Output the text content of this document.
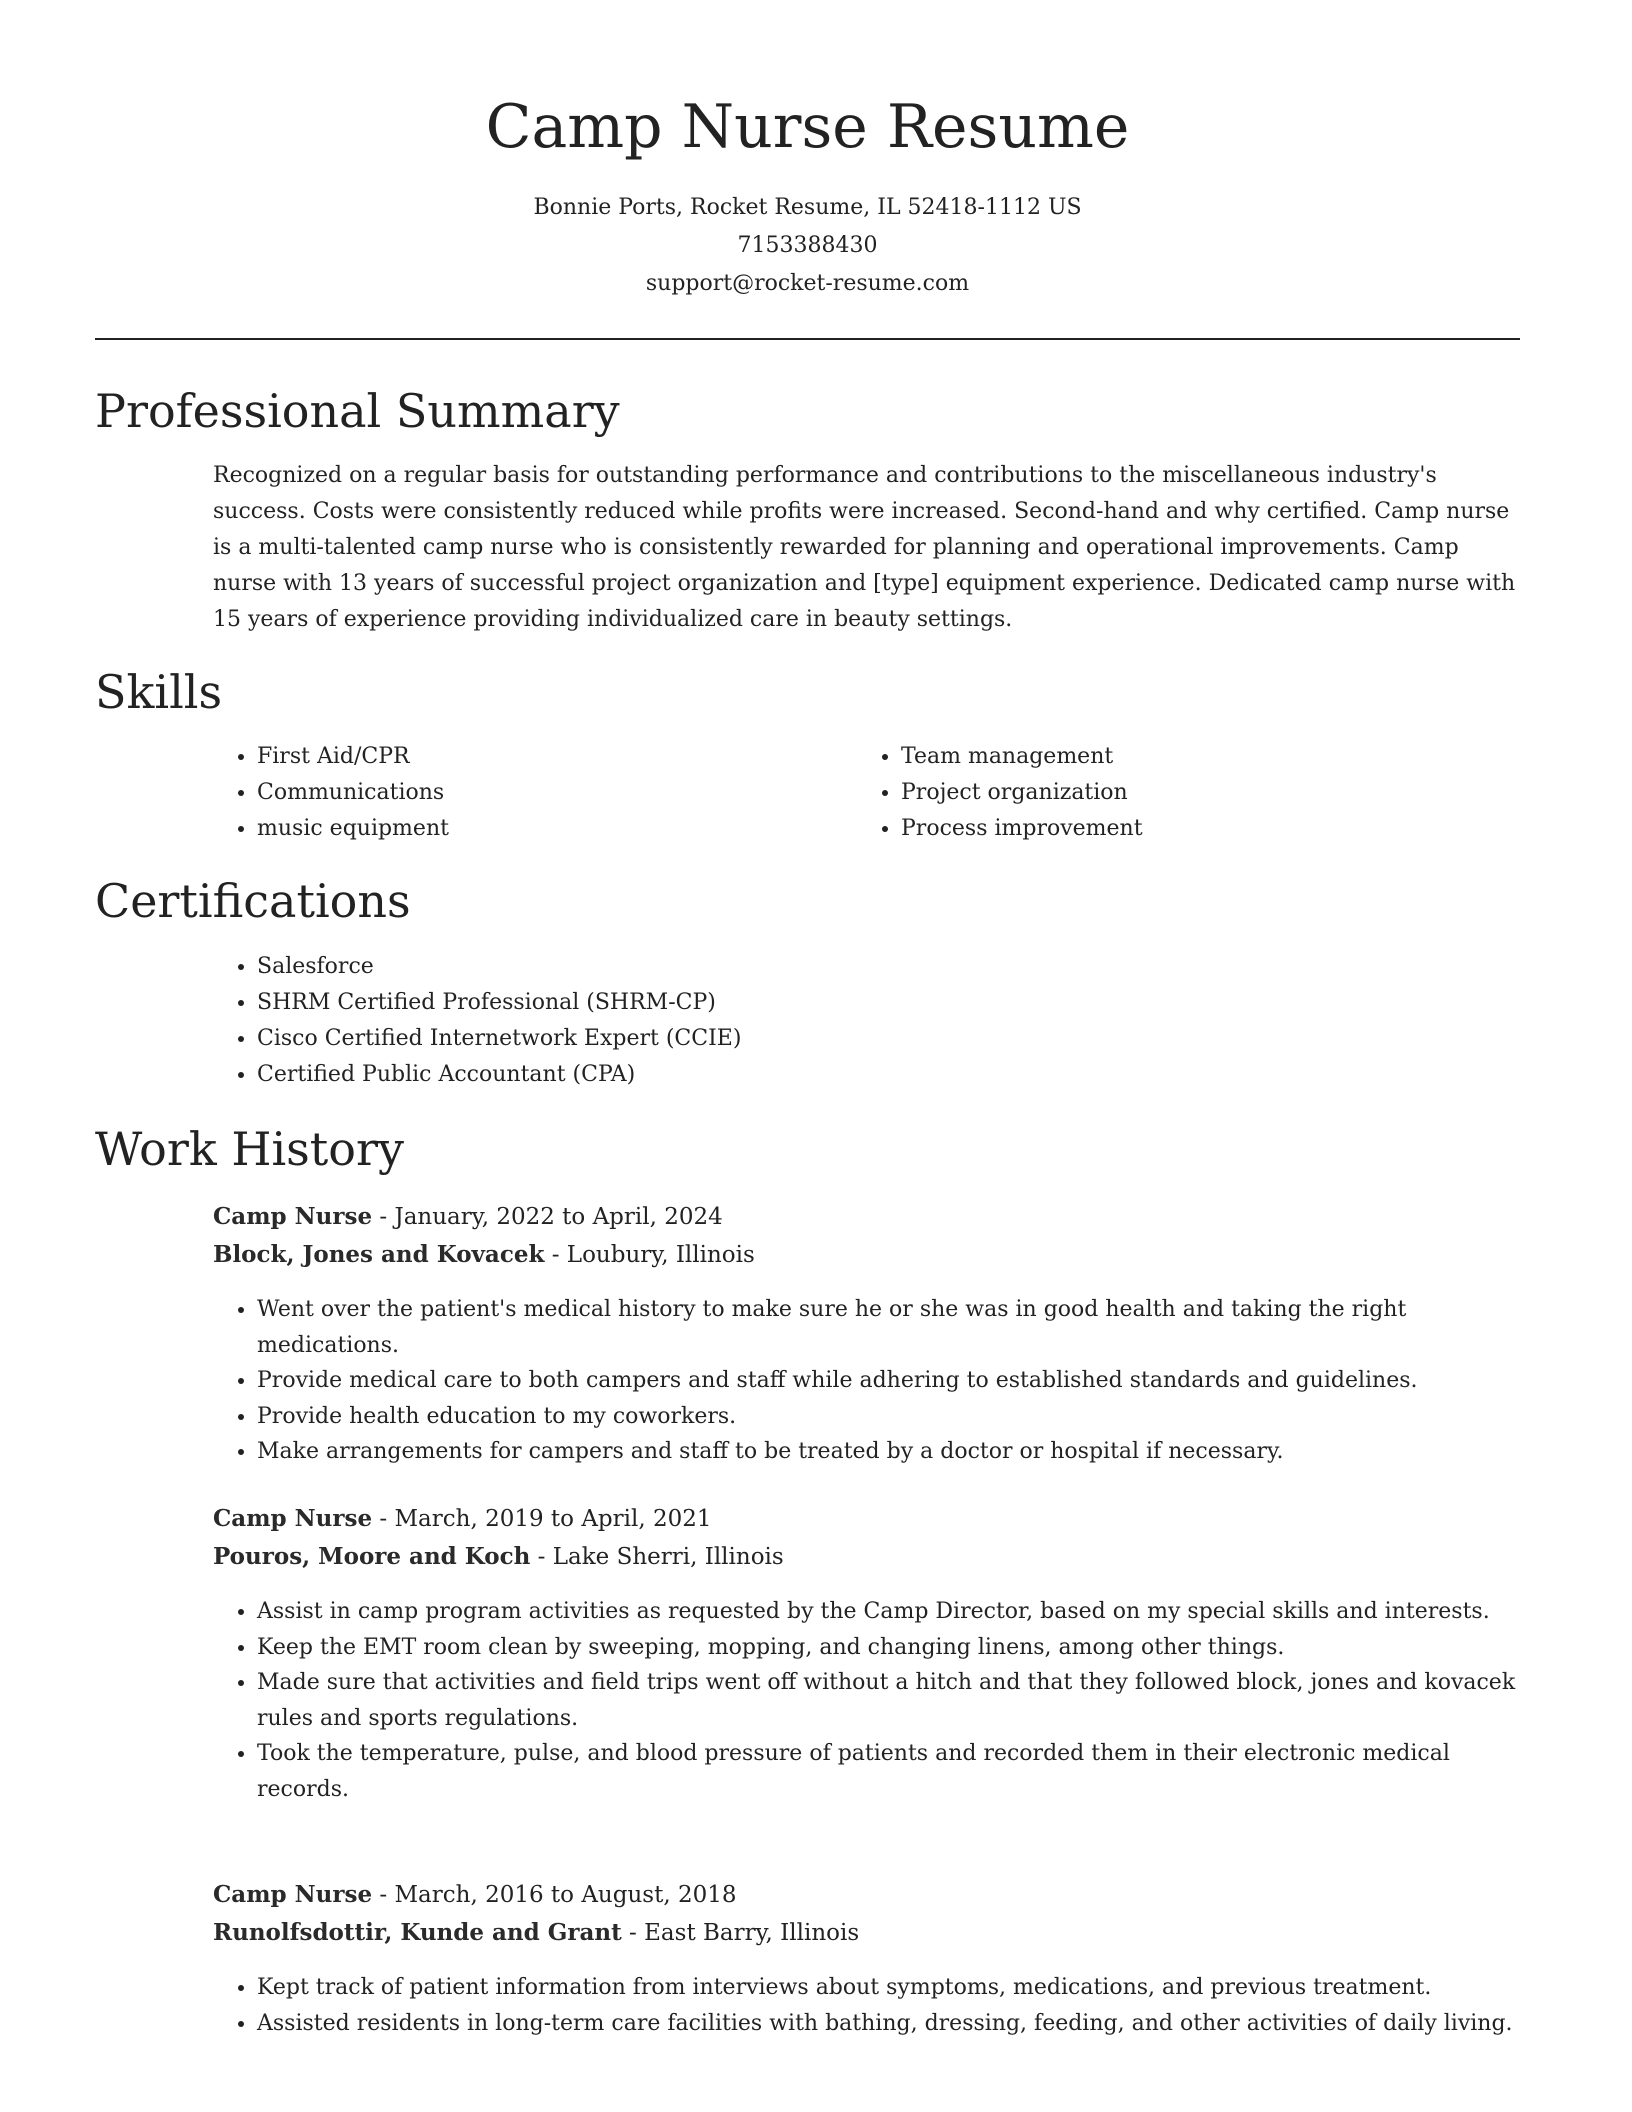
Camp Nurse Resume
Bonnie Ports, Rocket Resume, IL 52418-1112 US
7153388430
support@rocket-resume.com
Professional Summary

Recognized on a regular basis for outstanding performance and contributions to the miscellaneous industry's success. Costs were consistently reduced while profits were increased. Second-hand and why certified. Camp nurse is a multi-talented camp nurse who is consistently rewarded for planning and operational improvements. Camp nurse with 13 years of successful project organization and [type] equipment experience. Dedicated camp nurse with 15 years of experience providing individualized care in beauty settings.

Skills
• First Aid/CPR
• Communications
• music equipment
• Team management
• Project organization
• Process improvement
Certifications
• Salesforce
• SHRM Certified Professional (SHRM-CP)
• Cisco Certified Internetwork Expert (CCIE)
• Certified Public Accountant (CPA)
Work History
Camp Nurse - January, 2022 to April, 2024
Block, Jones and Kovacek - Loubury, Illinois
• Went over the patient's medical history to make sure he or she was in good health and taking the right medications.
• Provide medical care to both campers and staff while adhering to established standards and guidelines.
• Provide health education to my coworkers.
• Make arrangements for campers and staff to be treated by a doctor or hospital if necessary.
Camp Nurse - March, 2019 to April, 2021
Pouros, Moore and Koch - Lake Sherri, Illinois
• Assist in camp program activities as requested by the Camp Director, based on my special skills and interests.
• Keep the EMT room clean by sweeping, mopping, and changing linens, among other things.
• Made sure that activities and field trips went off without a hitch and that they followed block, jones and kovacek rules and sports regulations.
• Took the temperature, pulse, and blood pressure of patients and recorded them in their electronic medical records.
Camp Nurse - March, 2016 to August, 2018
Runolfsdottir, Kunde and Grant - East Barry, Illinois
• Kept track of patient information from interviews about symptoms, medications, and previous treatment.
• Assisted residents in long-term care facilities with bathing, dressing, feeding, and other activities of daily living.
